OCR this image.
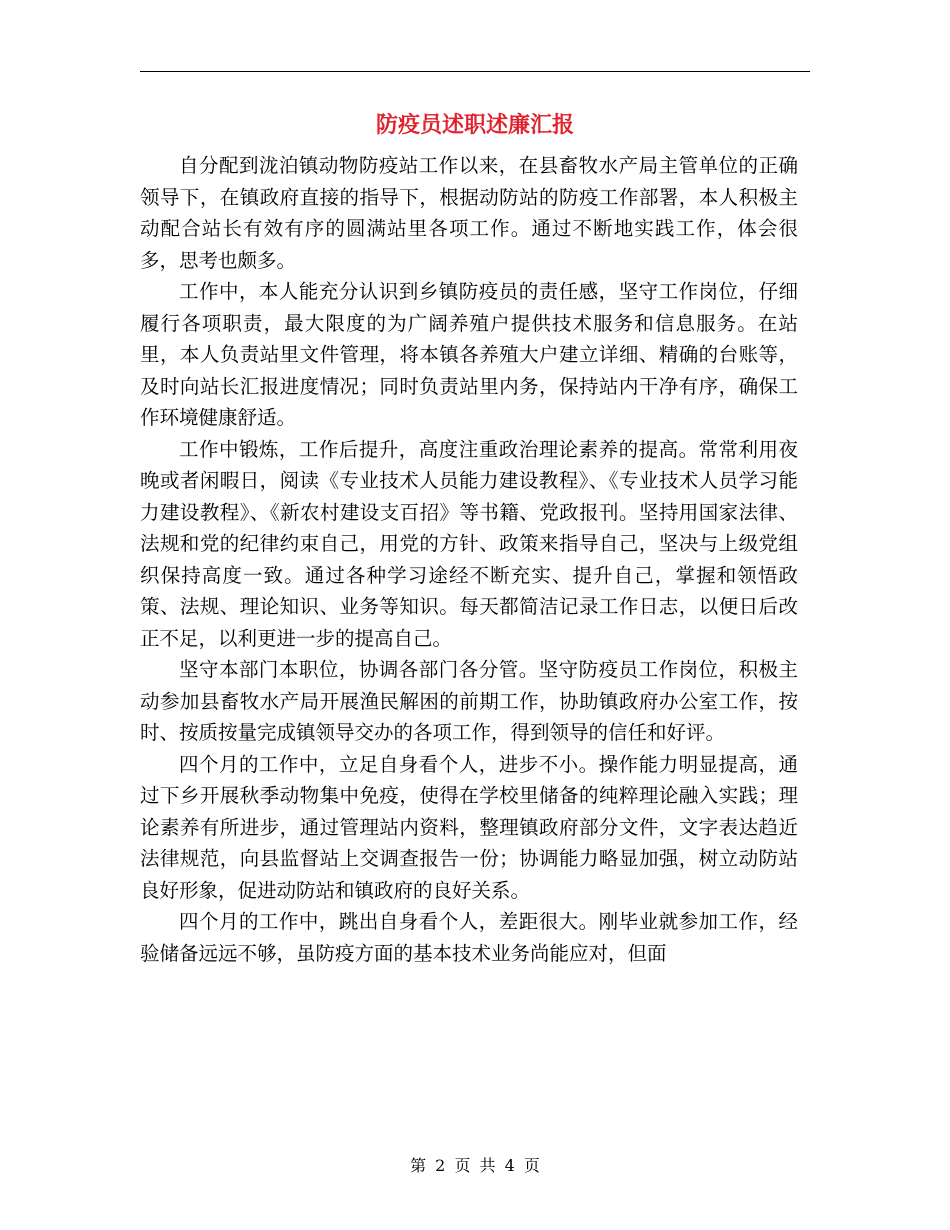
防疫员述职述廉汇报

自分配到泷泊镇动物防疫站工作以来，在县畜牧水产局主管单位的正确领导下，在镇政府直接的指导下，根据动防站的防疫工作部署，本人积极主动配合站长有效有序的圆满站里各项工作。通过不断地实践工作，体会很多，思考也颇多。

工作中，本人能充分认识到乡镇防疫员的责任感，坚守工作岗位，仔细履行各项职责，最大限度的为广阔养殖户提供技术服务和信息服务。在站里，本人负责站里文件管理，将本镇各养殖大户建立详细、精确的台账等，及时向站长汇报进度情况；同时负责站里内务，保持站内干净有序，确保工作环境健康舒适。

工作中锻炼，工作后提升，高度注重政治理论素养的提高。常常利用夜晚或者闲暇日，阅读《专业技术人员能力建设教程》、《专业技术人员学习能力建设教程》、《新农村建设支百招》等书籍、党政报刊。坚持用国家法律、法规和党的纪律约束自己，用党的方针、政策来指导自己，坚决与上级党组织保持高度一致。通过各种学习途经不断充实、提升自己，掌握和领悟政策、法规、理论知识、业务等知识。每天都简洁记录工作日志，以便日后改正不足，以利更进一步的提高自己。

坚守本部门本职位，协调各部门各分管。坚守防疫员工作岗位，积极主动参加县畜牧水产局开展渔民解困的前期工作，协助镇政府办公室工作，按时、按质按量完成镇领导交办的各项工作，得到领导的信任和好评。

四个月的工作中，立足自身看个人，进步不小。操作能力明显提高，通过下乡开展秋季动物集中免疫，使得在学校里储备的纯粹理论融入实践；理论素养有所进步，通过管理站内资料，整理镇政府部分文件，文字表达趋近法律规范，向县监督站上交调查报告一份；协调能力略显加强，树立动防站良好形象，促进动防站和镇政府的良好关系。

四个月的工作中，跳出自身看个人，差距很大。刚毕业就参加工作，经验储备远远不够，虽防疫方面的基本技术业务尚能应对，但面

第 2 页 共 4 页
